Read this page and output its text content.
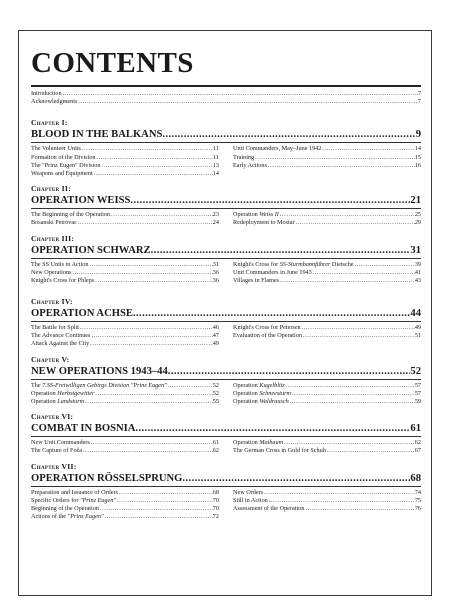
CONTENTS
Introduction .....	7
Acknowledgments .....	7
Chapter I:
BLOOD IN THE BALKANS .....	9
The Volunteer Units .....	11
Formation of the Division .....	11
The "Prinz Eugen" Division .....	13
Weapons and Equipment .....	14
Unit Commanders, May–June 1942 .....	14
Training .....	15
Early Actions .....	16
Chapter II:
OPERATION WEISS .....	21
The Beginning of the Operation .....	23
Bosanski Petrovac .....	24
Operation Weiss II .....	25
Redeployment to Mostar .....	29
Chapter III:
OPERATION SCHWARZ .....	31
The SS Units in Action .....	31
New Operations .....	36
Knight's Cross for Phleps .....	36
Knight's Cross for SS-Sturmbannführer Dietsche .....	39
Unit Commanders in June 1943 .....	41
Villages in Flames .....	43
Chapter IV:
OPERATION ACHSE .....	44
The Battle for Split .....	46
The Advance Continues .....	47
Attack Against the City .....	49
Knight's Cross for Petersen .....	49
Evaluation of the Operation .....	51
Chapter V:
NEW OPERATIONS 1943–44 .....	52
The 7.SS-Freiwilligen Gebirgs Division "Prinz Eugen" .....	52
Operation Herbstgewitter .....	52
Operation Landsturm .....	55
Operation Kugelblitz .....	57
Operation Schneesturm .....	57
Operation Waldrausch .....	59
Chapter VI:
COMBAT IN BOSNIA .....	61
New Unit Commanders .....	61
The Capture of Foča .....	62
Operation Maibaum .....	62
The German Cross in Gold for Schuh .....	67
Chapter VII:
OPERATION RÖSSELSPRUNG .....	68
Preparation and Issuance of Orders .....	68
Specific Orders for "Prinz Eugen" .....	70
Beginning of the Operation .....	70
Actions of the "Prinz Eugen" .....	72
New Orders .....	74
Still in Action .....	75
Assessment of the Operation .....	76
